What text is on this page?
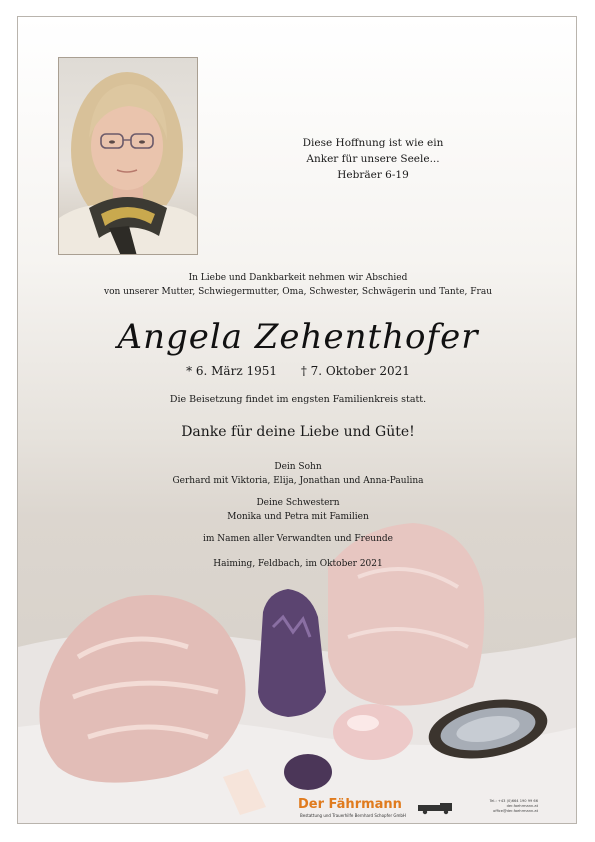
Diese Hoffnung ist wie ein
Anker für unsere Seele...
Hebräer 6-19
In Liebe und Dankbarkeit nehmen wir Abschied
von unserer Mutter, Schwiegermutter, Oma, Schwester, Schwägerin und Tante, Frau
Angela Zehenthofer
* 6. März 1951 † 7. Oktober 2021
Die Beisetzung findet im engsten Familienkreis statt.
Danke für deine Liebe und Güte!
Dein Sohn
Gerhard mit Viktoria, Elija, Jonathan und Anna-Paulina
Deine Schwestern
Monika und Petra mit Familien
im Namen aller Verwandten und Freunde
Haiming, Feldbach, im Oktober 2021
Der Fährmann
Bestattung und Trauerhilfe Bernhard Schopfer GmbH
Tel.: +43 (0)664 190 99 66
der-faehrmann.at
office@der-faehrmann.at
